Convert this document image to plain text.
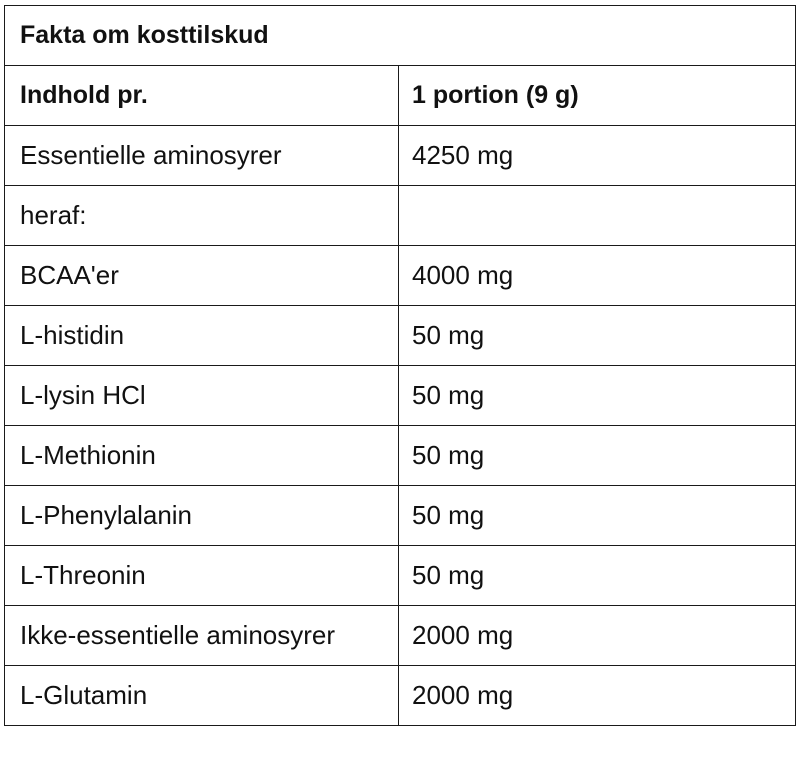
Fakta om kosttilskud	
Indhold pr.	1 portion (9 g)
Essentielle aminosyrer	4250 mg
heraf:	
BCAA'er	4000 mg
L-histidin	50 mg
L-lysin HCl	50 mg
L-Methionin	50 mg
L-Phenylalanin	50 mg
L-Threonin	50 mg
Ikke-essentielle aminosyrer	2000 mg
L-Glutamin	2000 mg
